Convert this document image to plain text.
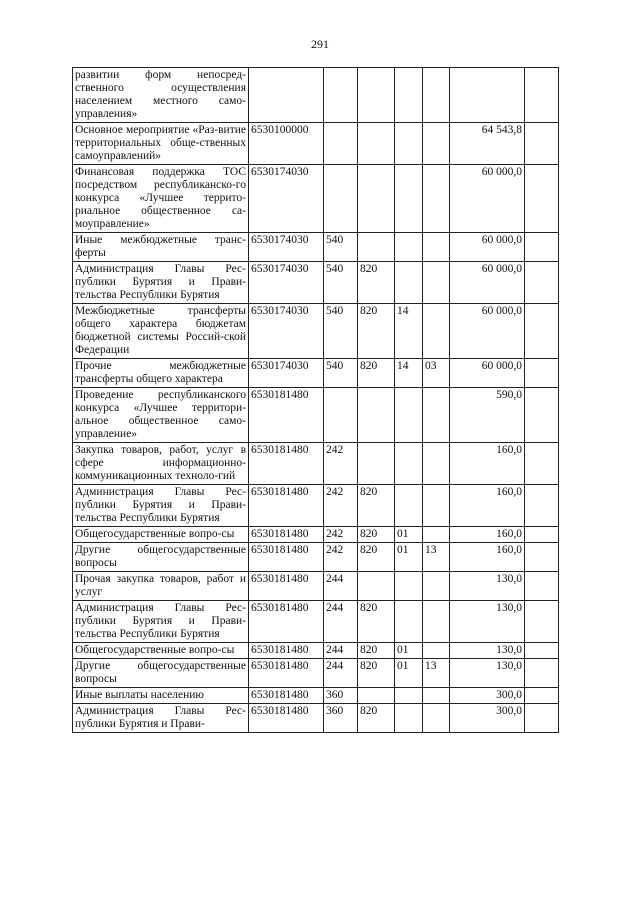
291
развитии форм непосред-ственного осуществления населением местного само-управления»							
Основное мероприятие «Раз-витие территориальных обще-ственных самоуправлений»	6530100000					64 543,8	
Финансовая поддержка ТОС посредством республиканско-го конкурса «Лучшее террито-риальное общественное са-моуправление»	6530174030					60 000,0	
Иные межбюджетные транс-ферты	6530174030	540				60 000,0	
Администрация Главы Рес-публики Бурятия и Прави-тельства Республики Бурятия	6530174030	540	820			60 000,0	
Межбюджетные трансферты общего характера бюджетам бюджетной системы Россий-ской Федерации	6530174030	540	820	14		60 000,0	
Прочие межбюджетные трансферты общего характера	6530174030	540	820	14	03	60 000,0	
Проведение республиканского конкурса «Лучшее территори-альное общественное само-управление»	6530181480					590,0	
Закупка товаров, работ, услуг в сфере информационно-коммуникационных техноло-гий	6530181480	242				160,0	
Администрация Главы Рес-публики Бурятия и Прави-тельства Республики Бурятия	6530181480	242	820			160,0	
Общегосударственные вопро-сы	6530181480	242	820	01		160,0	
Другие общегосударственные вопросы	6530181480	242	820	01	13	160,0	
Прочая закупка товаров, работ и услуг	6530181480	244				130,0	
Администрация Главы Рес-публики Бурятия и Прави-тельства Республики Бурятия	6530181480	244	820			130,0	
Общегосударственные вопро-сы	6530181480	244	820	01		130,0	
Другие общегосударственные вопросы	6530181480	244	820	01	13	130,0	
Иные выплаты населению	6530181480	360				300,0	
Администрация Главы Рес-публики Бурятия и Прави-	6530181480	360	820			300,0	
